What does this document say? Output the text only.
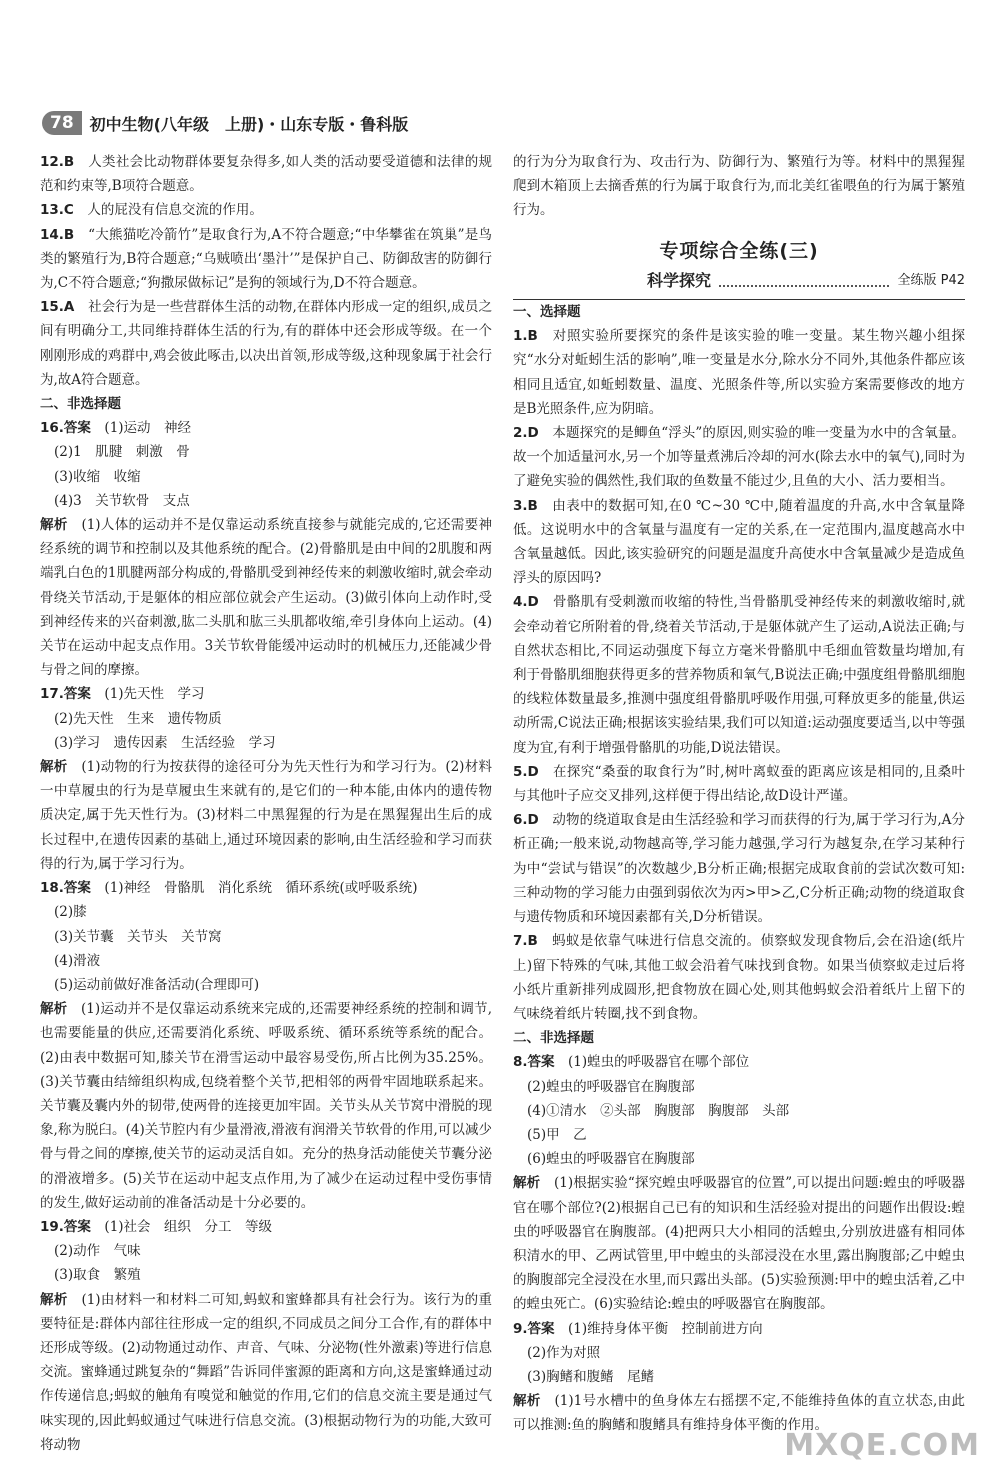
78	初中生物(八年级　上册)・山东专版・鲁科版

12.B　人类社会比动物群体要复杂得多,如人类的活动要受道德和法律的规范和约束等,B项符合题意。

13.C　人的屁没有信息交流的作用。

14.B　“大熊猫吃冷箭竹”是取食行为,A不符合题意;“中华攀雀在筑巢”是鸟类的繁殖行为,B符合题意;“乌贼喷出‘墨汁’”是保护自己、防御敌害的防御行为,C不符合题意;“狗撒尿做标记”是狗的领域行为,D不符合题意。

15.A　社会行为是一些营群体生活的动物,在群体内形成一定的组织,成员之间有明确分工,共同维持群体生活的行为,有的群体中还会形成等级。在一个刚刚形成的鸡群中,鸡会彼此啄击,以决出首领,形成等级,这种现象属于社会行为,故A符合题意。

二、非选择题

16.答案　(1)运动　神经

(2)1　肌腱　刺激　骨

(3)收缩　收缩

(4)3　关节软骨　支点

解析　(1)人体的运动并不是仅靠运动系统直接参与就能完成的,它还需要神经系统的调节和控制以及其他系统的配合。(2)骨骼肌是由中间的2肌腹和两端乳白色的1肌腱两部分构成的,骨骼肌受到神经传来的刺激收缩时,就会牵动骨绕关节活动,于是躯体的相应部位就会产生运动。(3)做引体向上动作时,受到神经传来的兴奋刺激,肱二头肌和肱三头肌都收缩,牵引身体向上运动。(4)关节在运动中起支点作用。3关节软骨能缓冲运动时的机械压力,还能减少骨与骨之间的摩擦。

17.答案　(1)先天性　学习

(2)先天性　生来　遗传物质

(3)学习　遗传因素　生活经验　学习

解析　(1)动物的行为按获得的途径可分为先天性行为和学习行为。(2)材料一中草履虫的行为是草履虫生来就有的,是它们的一种本能,由体内的遗传物质决定,属于先天性行为。(3)材料二中黑猩猩的行为是在黑猩猩出生后的成长过程中,在遗传因素的基础上,通过环境因素的影响,由生活经验和学习而获得的行为,属于学习行为。

18.答案　(1)神经　骨骼肌　消化系统　循环系统(或呼吸系统)

(2)膝

(3)关节囊　关节头　关节窝

(4)滑液

(5)运动前做好准备活动(合理即可)

解析　(1)运动并不是仅靠运动系统来完成的,还需要神经系统的控制和调节,也需要能量的供应,还需要消化系统、呼吸系统、循环系统等系统的配合。(2)由表中数据可知,膝关节在滑雪运动中最容易受伤,所占比例为35.25%。(3)关节囊由结缔组织构成,包绕着整个关节,把相邻的两骨牢固地联系起来。关节囊及囊内外的韧带,使两骨的连接更加牢固。关节头从关节窝中滑脱的现象,称为脱臼。(4)关节腔内有少量滑液,滑液有润滑关节软骨的作用,可以减少骨与骨之间的摩擦,使关节的运动灵活自如。充分的热身活动能使关节囊分泌的滑液增多。(5)关节在运动中起支点作用,为了减少在运动过程中受伤事情的发生,做好运动前的准备活动是十分必要的。

19.答案　(1)社会　组织　分工　等级

(2)动作　气味

(3)取食　繁殖

解析　(1)由材料一和材料二可知,蚂蚁和蜜蜂都具有社会行为。该行为的重要特征是:群体内部往往形成一定的组织,不同成员之间分工合作,有的群体中还形成等级。(2)动物通过动作、声音、气味、分泌物(性外激素)等进行信息交流。蜜蜂通过跳复杂的“舞蹈”告诉同伴蜜源的距离和方向,这是蜜蜂通过动作传递信息;蚂蚁的触角有嗅觉和触觉的作用,它们的信息交流主要是通过气味实现的,因此蚂蚁通过气味进行信息交流。(3)根据动物行为的功能,大致可将动物

的行为分为取食行为、攻击行为、防御行为、繁殖行为等。材料中的黑猩猩爬到木箱顶上去摘香蕉的行为属于取食行为,而北美红雀喂鱼的行为属于繁殖行为。

专项综合全练(三)
科学探究	全练版 P42

一、选择题

1.B　对照实验所要探究的条件是该实验的唯一变量。某生物兴趣小组探究“水分对蚯蚓生活的影响”,唯一变量是水分,除水分不同外,其他条件都应该相同且适宜,如蚯蚓数量、温度、光照条件等,所以实验方案需要修改的地方是B光照条件,应为阴暗。

2.D　本题探究的是鲫鱼“浮头”的原因,则实验的唯一变量为水中的含氧量。故一个加适量河水,另一个加等量煮沸后冷却的河水(除去水中的氧气),同时为了避免实验的偶然性,我们取的鱼数量不能过少,且鱼的大小、活力要相当。

3.B　由表中的数据可知,在0 ℃~30 ℃中,随着温度的升高,水中含氧量降低。这说明水中的含氧量与温度有一定的关系,在一定范围内,温度越高水中含氧量越低。因此,该实验研究的问题是温度升高使水中含氧量减少是造成鱼浮头的原因吗?

4.D　骨骼肌有受刺激而收缩的特性,当骨骼肌受神经传来的刺激收缩时,就会牵动着它所附着的骨,绕着关节活动,于是躯体就产生了运动,A说法正确;与自然状态相比,不同运动强度下每立方毫米骨骼肌中毛细血管数量均增加,有利于骨骼肌细胞获得更多的营养物质和氧气,B说法正确;中强度组骨骼肌细胞的线粒体数量最多,推测中强度组骨骼肌呼吸作用强,可释放更多的能量,供运动所需,C说法正确;根据该实验结果,我们可以知道:运动强度要适当,以中等强度为宜,有利于增强骨骼肌的功能,D说法错误。

5.D　在探究“桑蚕的取食行为”时,树叶离蚁蚕的距离应该是相同的,且桑叶与其他叶子应交叉排列,这样便于得出结论,故D设计严谨。

6.D　动物的绕道取食是由生活经验和学习而获得的行为,属于学习行为,A分析正确;一般来说,动物越高等,学习能力越强,学习行为越复杂,在学习某种行为中“尝试与错误”的次数越少,B分析正确;根据完成取食前的尝试次数可知:三种动物的学习能力由强到弱依次为丙>甲>乙,C分析正确;动物的绕道取食与遗传物质和环境因素都有关,D分析错误。

7.B　蚂蚁是依靠气味进行信息交流的。侦察蚁发现食物后,会在沿途(纸片上)留下特殊的气味,其他工蚁会沿着气味找到食物。如果当侦察蚁走过后将小纸片重新排列成圆形,把食物放在圆心处,则其他蚂蚁会沿着纸片上留下的气味绕着纸片转圈,找不到食物。

二、非选择题

8.答案　(1)蝗虫的呼吸器官在哪个部位

(2)蝗虫的呼吸器官在胸腹部

(4)①清水　②头部　胸腹部　胸腹部　头部

(5)甲　乙

(6)蝗虫的呼吸器官在胸腹部

解析　(1)根据实验“探究蝗虫呼吸器官的位置”,可以提出问题:蝗虫的呼吸器官在哪个部位?(2)根据自己已有的知识和生活经验对提出的问题作出假设:蝗虫的呼吸器官在胸腹部。(4)把两只大小相同的活蝗虫,分别放进盛有相同体积清水的甲、乙两试管里,甲中蝗虫的头部浸没在水里,露出胸腹部;乙中蝗虫的胸腹部完全浸没在水里,而只露出头部。(5)实验预测:甲中的蝗虫活着,乙中的蝗虫死亡。(6)实验结论:蝗虫的呼吸器官在胸腹部。

9.答案　(1)维持身体平衡　控制前进方向

(2)作为对照

(3)胸鳍和腹鳍　尾鳍

解析　(1)1号水槽中的鱼身体左右摇摆不定,不能维持鱼体的直立状态,由此可以推测:鱼的胸鳍和腹鳍具有维持身体平衡的作用。

MXQE.COM
